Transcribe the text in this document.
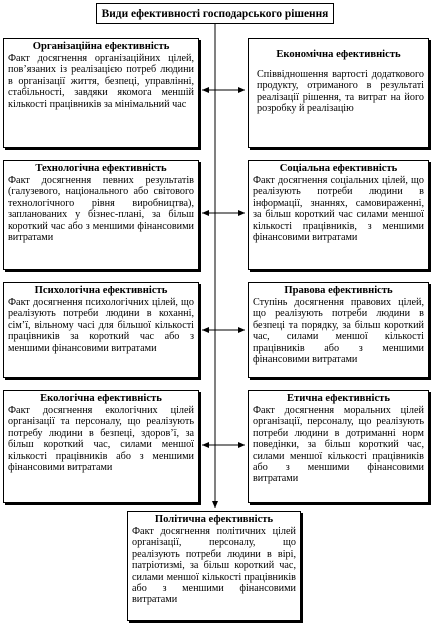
Види ефективності господарського рішення
Організаційна ефективність
Факт досягнення організаційних цілей, пов’язаних із реалізацією потреб людини в організації життя, безпеці, управлінні, стабільності, завдяки якомога меншій кількості працівників за мінімальний час
Економічна ефективність
Співвідношення вартості додаткового продукту, отриманого в результаті реалізації рішення, та витрат на його розробку й реалізацію
Технологічна ефективність
Факт досягнення певних результатів (галузевого, національного або світового технологічного рівня виробництва), запланованих у бізнес-плані, за більш короткий час або з меншими фінансовими витратами
Соціальна ефективність
Факт досягнення соціальних цілей, що реалізують потреби людини в інформації, знаннях, самовираженні, за більш короткий час силами меншої кількості працівників, з меншими фінансовими витратами
Психологічна ефективність
Факт досягнення психологічних цілей, що реалізують потреби людини в коханні, сім’ї, вільному часі для більшої кількості працівників за короткий час або з меншими фінансовими витратами
Правова ефективність
Ступінь досягнення правових цілей, що реалізують потреби людини в безпеці та порядку, за більш короткий час, силами меншої кількості працівників або з меншими фінансовими витратами
Екологічна ефективність
Факт досягнення екологічних цілей організації та персоналу, що реалізують потребу людини в безпеці, здоров’ї, за більш короткий час, силами меншої кількості працівників або з меншими фінансовими витратами
Етична ефективність
Факт досягнення моральних цілей організації, персоналу, що реалізують потреби людини в дотриманні норм поведінки, за більш короткий час, силами меншої кількості працівників або з меншими фінансовими витратами
Політична ефективність
Факт досягнення політичних цілей організації, персоналу, що реалізують потреби людини в вірі, патріотизмі, за більш короткий час, силами меншої кількості працівників або з меншими фінансовими витратами
